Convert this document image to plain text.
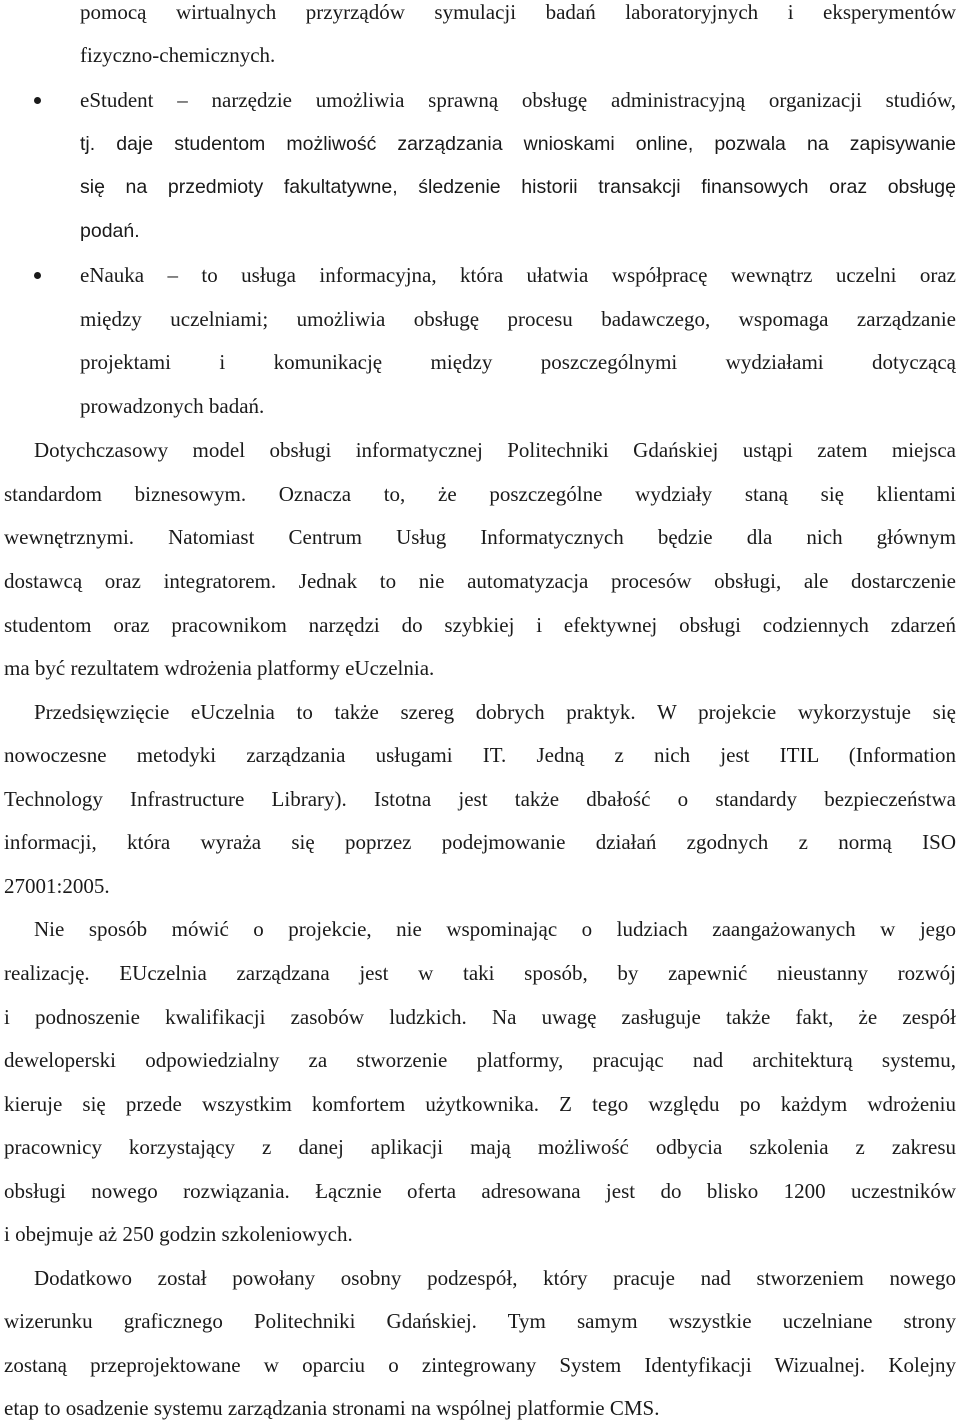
pomocą wirtualnych przyrządów symulacji badań laboratoryjnych i eksperymentów
fizyczno-chemicznych.
eStudent – narzędzie umożliwia sprawną obsługę administracyjną organizacji studiów,
tj. daje studentom możliwość zarządzania wnioskami online, pozwala na zapisywanie
się na przedmioty fakultatywne, śledzenie historii transakcji finansowych oraz obsługę
podań.
eNauka – to usługa informacyjna, która ułatwia współpracę wewnątrz uczelni oraz
między uczelniami; umożliwia obsługę procesu badawczego, wspomaga zarządzanie
projektami i komunikację między poszczególnymi wydziałami dotyczącą
prowadzonych badań.
Dotychczasowy model obsługi informatycznej Politechniki Gdańskiej ustąpi zatem miejsca
standardom biznesowym. Oznacza to, że poszczególne wydziały staną się klientami
wewnętrznymi. Natomiast Centrum Usług Informatycznych będzie dla nich głównym
dostawcą oraz integratorem. Jednak to nie automatyzacja procesów obsługi, ale dostarczenie
studentom oraz pracownikom narzędzi do szybkiej i efektywnej obsługi codziennych zdarzeń
ma być rezultatem wdrożenia platformy eUczelnia.
Przedsięwzięcie eUczelnia to także szereg dobrych praktyk. W projekcie wykorzystuje się
nowoczesne metodyki zarządzania usługami IT. Jedną z nich jest ITIL (Information
Technology Infrastructure Library). Istotna jest także dbałość o standardy bezpieczeństwa
informacji, która wyraża się poprzez podejmowanie działań zgodnych z normą ISO
27001:2005.
Nie sposób mówić o projekcie, nie wspominając o ludziach zaangażowanych w jego
realizację. EUczelnia zarządzana jest w taki sposób, by zapewnić nieustanny rozwój
i podnoszenie kwalifikacji zasobów ludzkich. Na uwagę zasługuje także fakt, że zespół
deweloperski odpowiedzialny za stworzenie platformy, pracując nad architekturą systemu,
kieruje się przede wszystkim komfortem użytkownika. Z tego względu po każdym wdrożeniu
pracownicy korzystający z danej aplikacji mają możliwość odbycia szkolenia z zakresu
obsługi nowego rozwiązania. Łącznie oferta adresowana jest do blisko 1200 uczestników
i obejmuje aż 250 godzin szkoleniowych.
Dodatkowo został powołany osobny podzespół, który pracuje nad stworzeniem nowego
wizerunku graficznego Politechniki Gdańskiej. Tym samym wszystkie uczelniane strony
zostaną przeprojektowane w oparciu o zintegrowany System Identyfikacji Wizualnej. Kolejny
etap to osadzenie systemu zarządzania stronami na wspólnej platformie CMS.
